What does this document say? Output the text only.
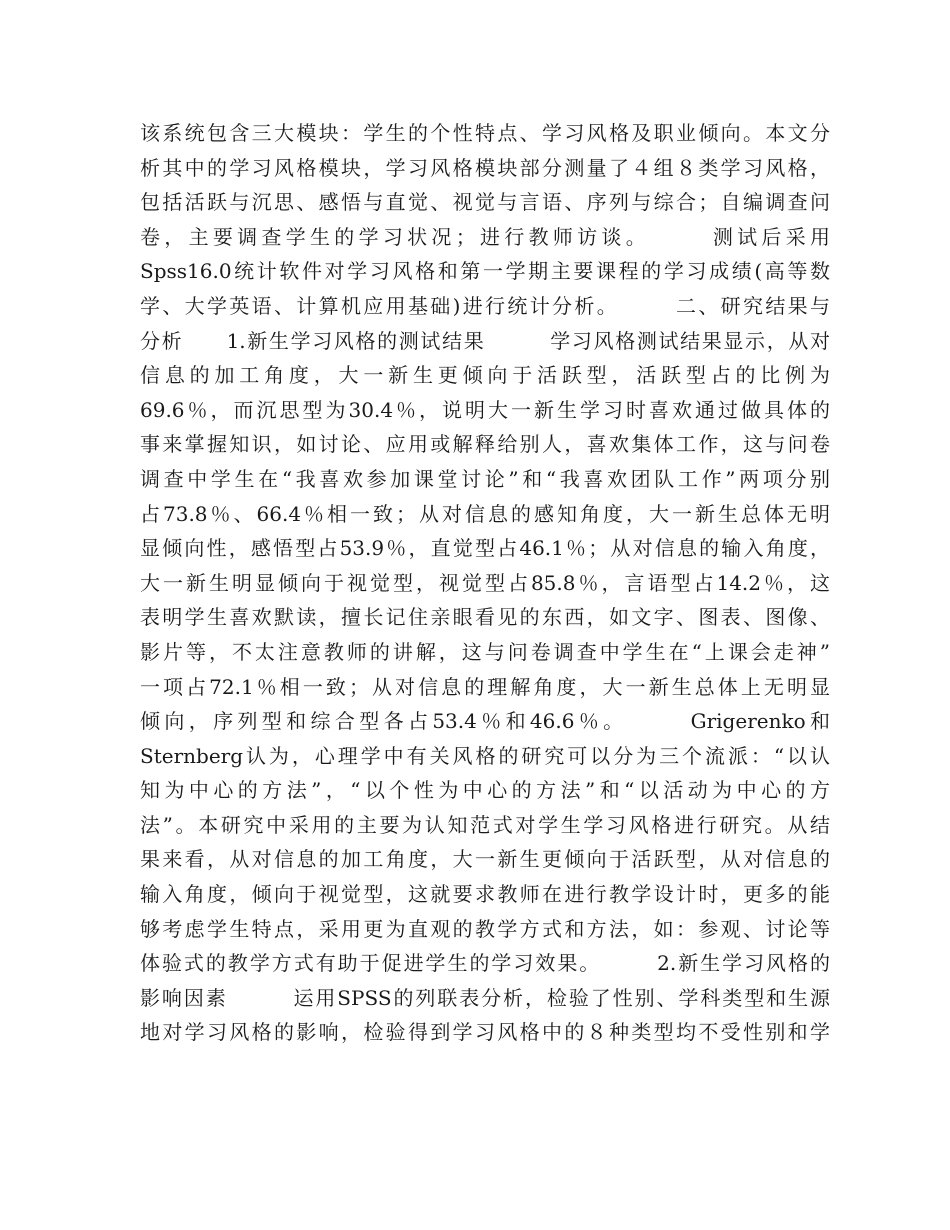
该系统包含三大模块：学生的个性特点、学习风格及职业倾向。本文分
析其中的学习风格模块，学习风格模块部分测量了４组８类学习风格，
包括活跃与沉思、感悟与直觉、视觉与言语、序列与综合；自编调查问
卷，主要调查学生的学习状况；进行教师访谈。　　　测试后采用
Spss16.0统计软件对学习风格和第一学期主要课程的学习成绩(高等数
学、大学英语、计算机应用基础)进行统计分析。　　　二、研究结果与
分析　　1.新生学习风格的测试结果　　　学习风格测试结果显示，从对
信息的加工角度，大一新生更倾向于活跃型，活跃型占的比例为
69.6％，而沉思型为30.4％，说明大一新生学习时喜欢通过做具体的
事来掌握知识，如讨论、应用或解释给别人，喜欢集体工作，这与问卷
调查中学生在“我喜欢参加课堂讨论”和“我喜欢团队工作”两项分别
占73.8％、66.4％相一致；从对信息的感知角度，大一新生总体无明
显倾向性，感悟型占53.9％，直觉型占46.1％；从对信息的输入角度，
大一新生明显倾向于视觉型，视觉型占85.8％，言语型占14.2％，这
表明学生喜欢默读，擅长记住亲眼看见的东西，如文字、图表、图像、
影片等，不太注意教师的讲解，这与问卷调查中学生在“上课会走神”
一项占72.1％相一致；从对信息的理解角度，大一新生总体上无明显
倾向，序列型和综合型各占53.4％和46.6％。　　　Grigerenko和
Sternberg认为，心理学中有关风格的研究可以分为三个流派：“以认
知为中心的方法”，“以个性为中心的方法”和“以活动为中心的方
法”。本研究中采用的主要为认知范式对学生学习风格进行研究。从结
果来看，从对信息的加工角度，大一新生更倾向于活跃型，从对信息的
输入角度，倾向于视觉型，这就要求教师在进行教学设计时，更多的能
够考虑学生特点，采用更为直观的教学方式和方法，如：参观、讨论等
体验式的教学方式有助于促进学生的学习效果。　　　2.新生学习风格的
影响因素　　　运用SPSS的列联表分析，检验了性别、学科类型和生源
地对学习风格的影响，检验得到学习风格中的８种类型均不受性别和学
